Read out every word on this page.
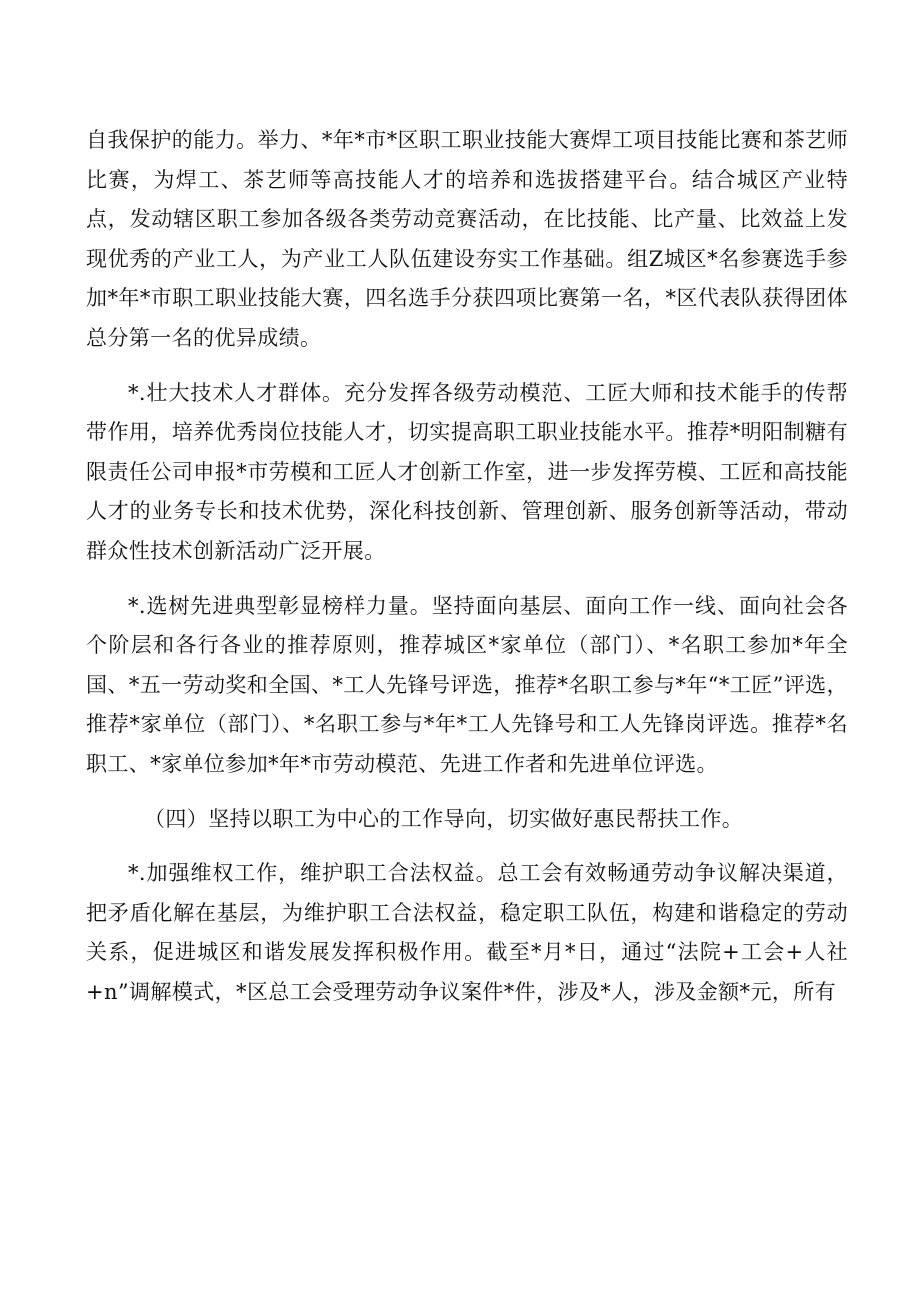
自我保护的能力。举力、*年*市*区职工职业技能大赛焊工项目技能比赛和茶艺师比赛，为焊工、茶艺师等高技能人才的培养和选拔搭建平台。结合城区产业特点，发动辖区职工参加各级各类劳动竞赛活动，在比技能、比产量、比效益上发现优秀的产业工人，为产业工人队伍建设夯实工作基础。组Z城区*名参赛选手参加*年*市职工职业技能大赛，四名选手分获四项比赛第一名，*区代表队获得团体总分第一名的优异成绩。

*.壮大技术人才群体。充分发挥各级劳动模范、工匠大师和技术能手的传帮带作用，培养优秀岗位技能人才，切实提高职工职业技能水平。推荐*明阳制糖有限责任公司申报*市劳模和工匠人才创新工作室，进一步发挥劳模、工匠和高技能人才的业务专长和技术优势，深化科技创新、管理创新、服务创新等活动，带动群众性技术创新活动广泛开展。

*.选树先进典型彰显榜样力量。坚持面向基层、面向工作一线、面向社会各个阶层和各行各业的推荐原则，推荐城区*家单位（部门）、*名职工参加*年全国、*五一劳动奖和全国、*工人先锋号评选，推荐*名职工参与*年“*工匠”评选，推荐*家单位（部门）、*名职工参与*年*工人先锋号和工人先锋岗评选。推荐*名职工、*家单位参加*年*市劳动模范、先进工作者和先进单位评选。

（四）坚持以职工为中心的工作导向，切实做好惠民帮扶工作。

*.加强维权工作，维护职工合法权益。总工会有效畅通劳动争议解决渠道，把矛盾化解在基层，为维护职工合法权益，稳定职工队伍，构建和谐稳定的劳动关系，促进城区和谐发展发挥积极作用。截至*月*日，通过“法院+工会+人社+n”调解模式，*区总工会受理劳动争议案件*件，涉及*人，涉及金额*元，所有
